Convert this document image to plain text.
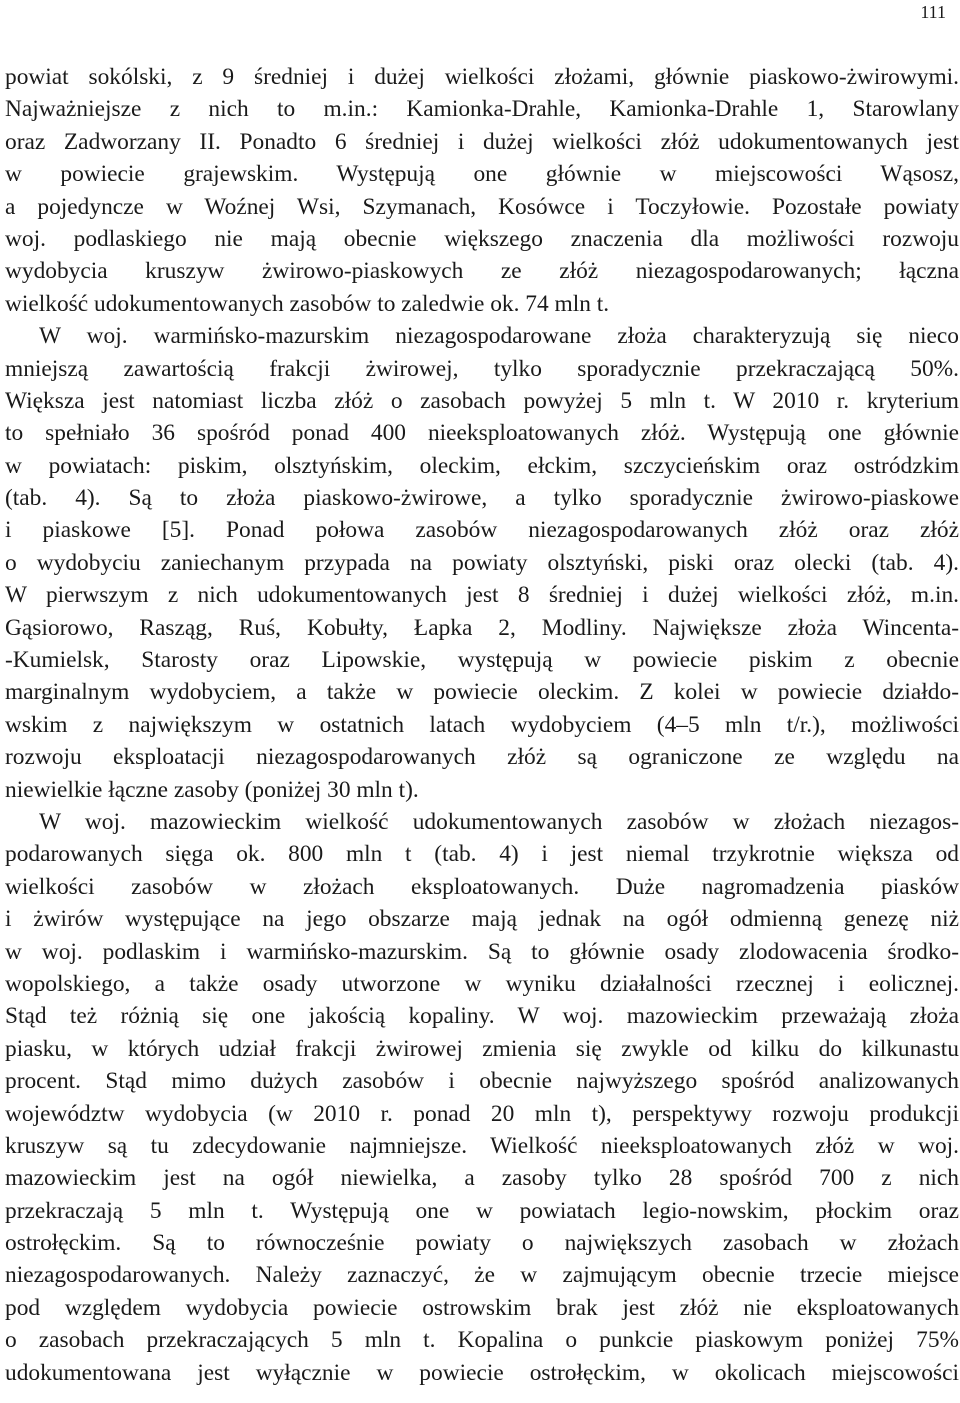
111
powiat sokólski, z 9 średniej i dużej wielkości złożami, głównie piaskowo-żwirowymi.
Najważniejsze z nich to m.in.: Kamionka-Drahle, Kamionka-Drahle 1, Starowlany
oraz Zadworzany II. Ponadto 6 średniej i dużej wielkości złóż udokumentowanych jest
w powiecie grajewskim. Występują one głównie w miejscowości Wąsosz,
a pojedyncze w Woźnej Wsi, Szymanach, Kosówce i Toczyłowie. Pozostałe powiaty
woj. podlaskiego nie mają obecnie większego znaczenia dla możliwości rozwoju
wydobycia kruszyw żwirowo-piaskowych ze złóż niezagospodarowanych; łączna
wielkość udokumentowanych zasobów to zaledwie ok. 74 mln t.
W woj. warmińsko-mazurskim niezagospodarowane złoża charakteryzują się nieco
mniejszą zawartością frakcji żwirowej, tylko sporadycznie przekraczającą 50%.
Większa jest natomiast liczba złóż o zasobach powyżej 5 mln t. W 2010 r. kryterium
to spełniało 36 spośród ponad 400 nieeksploatowanych złóż. Występują one głównie
w powiatach: piskim, olsztyńskim, oleckim, ełckim, szczycieńskim oraz ostródzkim
(tab. 4). Są to złoża piaskowo-żwirowe, a tylko sporadycznie żwirowo-piaskowe
i piaskowe [5]. Ponad połowa zasobów niezagospodarowanych złóż oraz złóż
o wydobyciu zaniechanym przypada na powiaty olsztyński, piski oraz olecki (tab. 4).
W pierwszym z nich udokumentowanych jest 8 średniej i dużej wielkości złóż, m.in.
Gąsiorowo, Rasząg, Ruś, Kobułty, Łapka 2, Modliny. Największe złoża Wincenta-
-Kumielsk, Starosty oraz Lipowskie, występują w powiecie piskim z obecnie
marginalnym wydobyciem, a także w powiecie oleckim. Z kolei w powiecie działdo-
wskim z największym w ostatnich latach wydobyciem (4–5 mln t/r.), możliwości
rozwoju eksploatacji niezagospodarowanych złóż są ograniczone ze względu na
niewielkie łączne zasoby (poniżej 30 mln t).
W woj. mazowieckim wielkość udokumentowanych zasobów w złożach niezagos-
podarowanych sięga ok. 800 mln t (tab. 4) i jest niemal trzykrotnie większa od
wielkości zasobów w złożach eksploatowanych. Duże nagromadzenia piasków
i żwirów występujące na jego obszarze mają jednak na ogół odmienną genezę niż
w woj. podlaskim i warmińsko-mazurskim. Są to głównie osady zlodowacenia środko-
wopolskiego, a także osady utworzone w wyniku działalności rzecznej i eolicznej.
Stąd też różnią się one jakością kopaliny. W woj. mazowieckim przeważają złoża
piasku, w których udział frakcji żwirowej zmienia się zwykle od kilku do kilkunastu
procent. Stąd mimo dużych zasobów i obecnie najwyższego spośród analizowanych
województw wydobycia (w 2010 r. ponad 20 mln t), perspektywy rozwoju produkcji
kruszyw są tu zdecydowanie najmniejsze. Wielkość nieeksploatowanych złóż w woj.
mazowieckim jest na ogół niewielka, a zasoby tylko 28 spośród 700 z nich
przekraczają 5 mln t. Występują one w powiatach legio-nowskim, płockim oraz
ostrołęckim. Są to równocześnie powiaty o największych zasobach w złożach
niezagospodarowanych. Należy zaznaczyć, że w zajmującym obecnie trzecie miejsce
pod względem wydobycia powiecie ostrowskim brak jest złóż nie eksploatowanych
o zasobach przekraczających 5 mln t. Kopalina o punkcie piaskowym poniżej 75%
udokumentowana jest wyłącznie w powiecie ostrołęckim, w okolicach miejscowości
